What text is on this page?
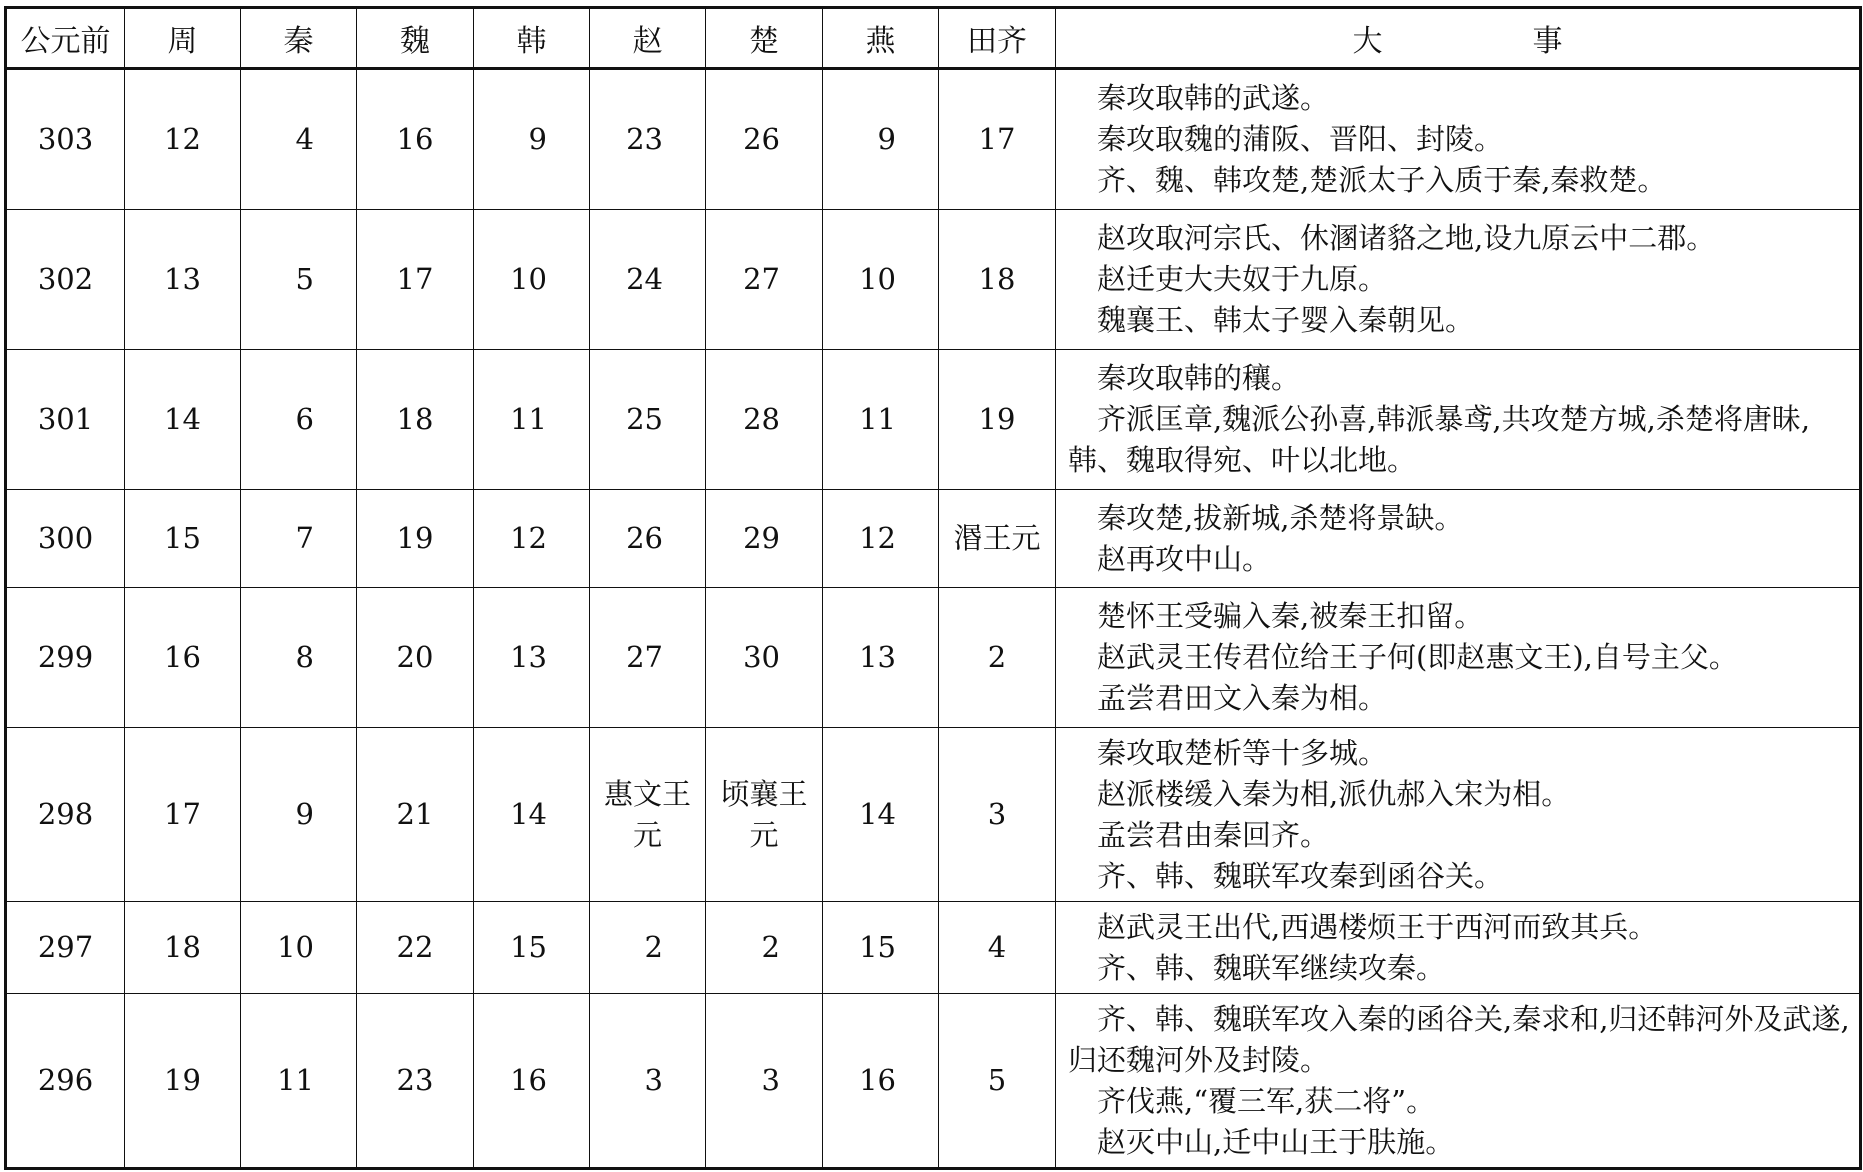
公元前	周	秦	魏	韩	赵	楚	燕	田齐	大 事
303	12	4	16	9	23	26	9	17	秦攻取韩的武遂。
秦攻取魏的蒲阪、晋阳、封陵。
齐、魏、韩攻楚,楚派太子入质于秦,秦救楚。

302	13	5	17	10	24	27	10	18	赵攻取河宗氏、休溷诸貉之地,设九原云中二郡。
赵迁吏大夫奴于九原。
魏襄王、韩太子婴入秦朝见。

301	14	6	18	11	25	28	11	19	秦攻取韩的穰。
齐派匡章,魏派公孙喜,韩派暴鸢,共攻楚方城,杀楚将唐昧,韩、魏取得宛、叶以北地。

300	15	7	19	12	26	29	12	湣王元	秦攻楚,拔新城,杀楚将景缺。
赵再攻中山。

299	16	8	20	13	27	30	13	2	楚怀王受骗入秦,被秦王扣留。
赵武灵王传君位给王子何(即赵惠文王),自号主父。
孟尝君田文入秦为相。

298	17	9	21	14	惠文王元	顷襄王元	14	3	秦攻取楚析等十多城。
赵派楼缓入秦为相,派仇郝入宋为相。
孟尝君由秦回齐。
齐、韩、魏联军攻秦到函谷关。

297	18	10	22	15	2	2	15	4	赵武灵王出代,西遇楼烦王于西河而致其兵。
齐、韩、魏联军继续攻秦。

296	19	11	23	16	3	3	16	5	齐、韩、魏联军攻入秦的函谷关,秦求和,归还韩河外及武遂,归还魏河外及封陵。
齐伐燕,“覆三军,获二将”。
赵灭中山,迁中山王于肤施。
